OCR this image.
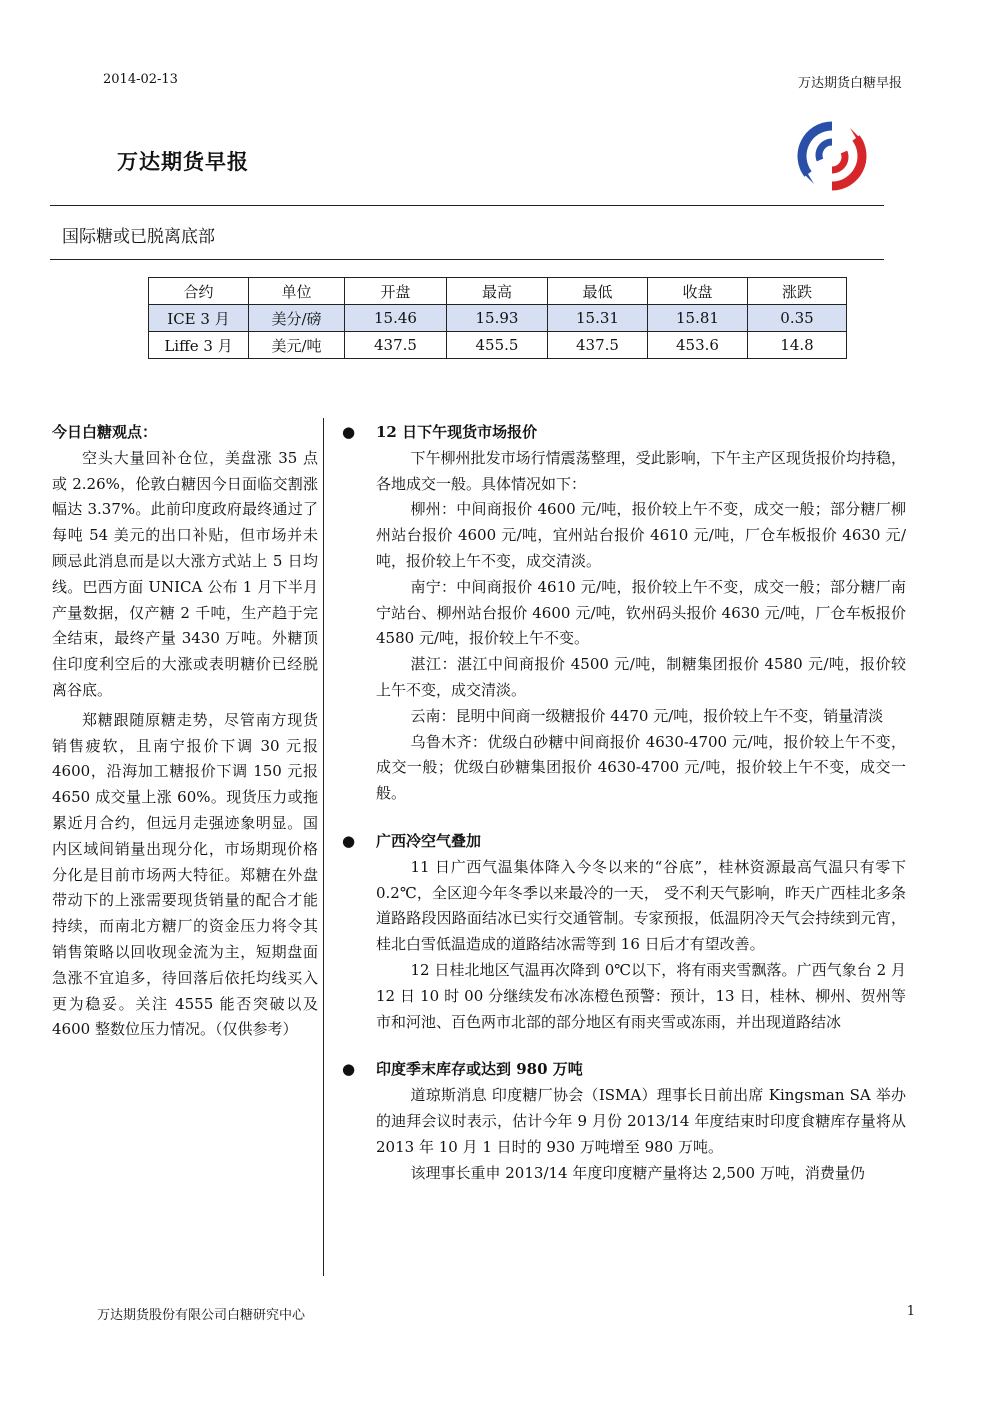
2014-02-13	万达期货白糖早报
万达期货早报
国际糖或已脱离底部
合约	单位	开盘	最高	最低	收盘	涨跌
ICE 3 月	美分/磅	15.46	15.93	15.31	15.81	0.35
Liffe 3 月	美元/吨	437.5	455.5	437.5	453.6	14.8
今日白糖观点：

空头大量回补仓位，美盘涨 35 点或 2.26%，伦敦白糖因今日面临交割涨幅达 3.37%。此前印度政府最终通过了每吨 54 美元的出口补贴，但市场并未顾忌此消息而是以大涨方式站上 5 日均线。巴西方面 UNICA 公布 1 月下半月产量数据，仅产糖 2 千吨，生产趋于完全结束，最终产量 3430 万吨。外糖顶住印度利空后的大涨或表明糖价已经脱离谷底。

郑糖跟随原糖走势，尽管南方现货销售疲软，且南宁报价下调 30 元报 4600，沿海加工糖报价下调 150 元报 4650 成交量上涨 60%。现货压力或拖累近月合约，但远月走强迹象明显。国内区域间销量出现分化，市场期现价格分化是目前市场两大特征。郑糖在外盘带动下的上涨需要现货销量的配合才能持续，而南北方糖厂的资金压力将令其销售策略以回收现金流为主，短期盘面急涨不宜追多，待回落后依托均线买入更为稳妥。关注 4555 能否突破以及 4600 整数位压力情况。（仅供参考）

● 12 日下午现货市场报价

下午柳州批发市场行情震荡整理，受此影响，下午主产区现货报价均持稳，各地成交一般。具体情况如下：

柳州：中间商报价 4600 元/吨，报价较上午不变，成交一般；部分糖厂柳州站台报价 4600 元/吨，宜州站台报价 4610 元/吨，厂仓车板报价 4630 元/吨，报价较上午不变，成交清淡。

南宁：中间商报价 4610 元/吨，报价较上午不变，成交一般；部分糖厂南宁站台、柳州站台报价 4600 元/吨，钦州码头报价 4630 元/吨，厂仓车板报价 4580 元/吨，报价较上午不变。

湛江：湛江中间商报价 4500 元/吨，制糖集团报价 4580 元/吨，报价较上午不变，成交清淡。

云南：昆明中间商一级糖报价 4470 元/吨，报价较上午不变，销量清淡

乌鲁木齐：优级白砂糖中间商报价 4630-4700 元/吨，报价较上午不变，成交一般；优级白砂糖集团报价 4630-4700 元/吨，报价较上午不变，成交一般。

● 广西冷空气叠加

11 日广西气温集体降入今冬以来的“谷底”，桂林资源最高气温只有零下 0.2℃，全区迎今年冬季以来最冷的一天， 受不利天气影响，昨天广西桂北多条道路路段因路面结冰已实行交通管制。专家预报，低温阴冷天气会持续到元宵，桂北白雪低温造成的道路结冰需等到 16 日后才有望改善。

12 日桂北地区气温再次降到 0℃以下，将有雨夹雪飘落。广西气象台 2 月 12 日 10 时 00 分继续发布冰冻橙色预警：预计，13 日，桂林、柳州、贺州等市和河池、百色两市北部的部分地区有雨夹雪或冻雨，并出现道路结冰

● 印度季末库存或达到 980 万吨

道琼斯消息 印度糖厂协会（ISMA）理事长日前出席 Kingsman SA 举办的迪拜会议时表示，估计今年 9 月份 2013/14 年度结束时印度食糖库存量将从 2013 年 10 月 1 日时的 930 万吨增至 980 万吨。

该理事长重申 2013/14 年度印度糖产量将达 2,500 万吨，消费量仍

万达期货股份有限公司白糖研究中心	1
